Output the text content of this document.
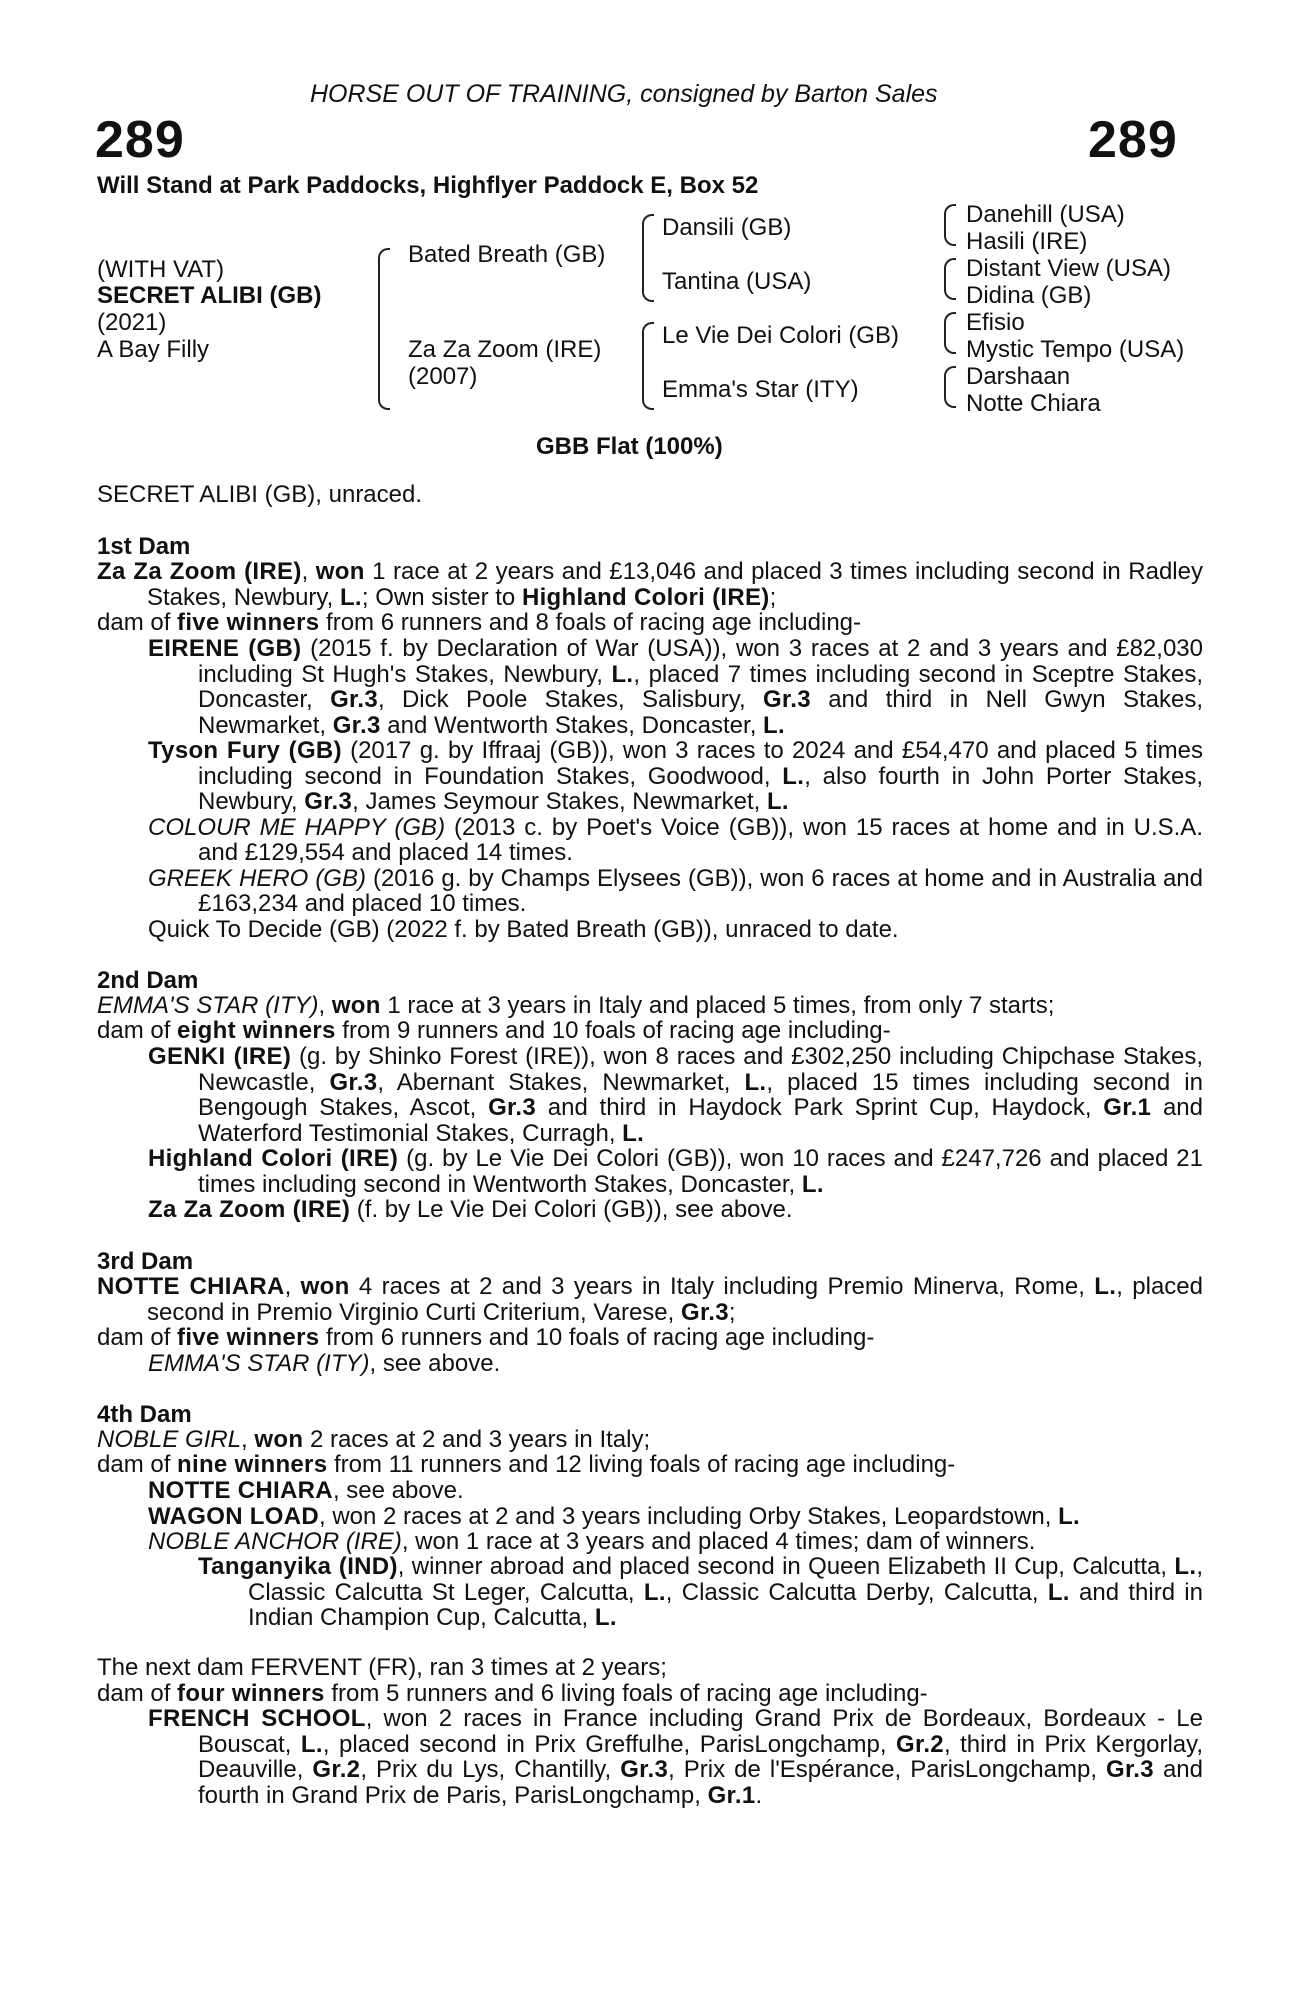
HORSE OUT OF TRAINING, consigned by Barton Sales
289	289
Will Stand at Park Paddocks, Highflyer Paddock E, Box 52
(WITH VAT)
SECRET ALIBI (GB)
(2021)
A Bay Filly
Bated Breath (GB)
Za Za Zoom (IRE)
(2007)
Dansili (GB)
Tantina (USA)
Le Vie Dei Colori (GB)
Emma's Star (ITY)
Danehill (USA)
Hasili (IRE)
Distant View (USA)
Didina (GB)
Efisio
Mystic Tempo (USA)
Darshaan
Notte Chiara
GBB Flat (100%)
SECRET ALIBI (GB), unraced.
1st Dam

Za Za Zoom (IRE), won 1 race at 2 years and £13,046 and placed 3 times including second in Radley Stakes, Newbury, L.; Own sister to Highland Colori (IRE);

dam of five winners from 6 runners and 8 foals of racing age including-

EIRENE (GB) (2015 f. by Declaration of War (USA)), won 3 races at 2 and 3 years and £82,030 including St Hugh's Stakes, Newbury, L., placed 7 times including second in Sceptre Stakes, Doncaster, Gr.3, Dick Poole Stakes, Salisbury, Gr.3 and third in Nell Gwyn Stakes, Newmarket, Gr.3 and Wentworth Stakes, Doncaster, L.

Tyson Fury (GB) (2017 g. by Iffraaj (GB)), won 3 races to 2024 and £54,470 and placed 5 times including second in Foundation Stakes, Goodwood, L., also fourth in John Porter Stakes, Newbury, Gr.3, James Seymour Stakes, Newmarket, L.

COLOUR ME HAPPY (GB) (2013 c. by Poet's Voice (GB)), won 15 races at home and in U.S.A. and £129,554 and placed 14 times.

GREEK HERO (GB) (2016 g. by Champs Elysees (GB)), won 6 races at home and in Australia and £163,234 and placed 10 times.

Quick To Decide (GB) (2022 f. by Bated Breath (GB)), unraced to date.

2nd Dam

EMMA'S STAR (ITY), won 1 race at 3 years in Italy and placed 5 times, from only 7 starts;

dam of eight winners from 9 runners and 10 foals of racing age including-

GENKI (IRE) (g. by Shinko Forest (IRE)), won 8 races and £302,250 including Chipchase Stakes, Newcastle, Gr.3, Abernant Stakes, Newmarket, L., placed 15 times including second in Bengough Stakes, Ascot, Gr.3 and third in Haydock Park Sprint Cup, Haydock, Gr.1 and Waterford Testimonial Stakes, Curragh, L.

Highland Colori (IRE) (g. by Le Vie Dei Colori (GB)), won 10 races and £247,726 and placed 21 times including second in Wentworth Stakes, Doncaster, L.

Za Za Zoom (IRE) (f. by Le Vie Dei Colori (GB)), see above.

3rd Dam

NOTTE CHIARA, won 4 races at 2 and 3 years in Italy including Premio Minerva, Rome, L., placed second in Premio Virginio Curti Criterium, Varese, Gr.3;

dam of five winners from 6 runners and 10 foals of racing age including-

EMMA'S STAR (ITY), see above.

4th Dam

NOBLE GIRL, won 2 races at 2 and 3 years in Italy;

dam of nine winners from 11 runners and 12 living foals of racing age including-

NOTTE CHIARA, see above.

WAGON LOAD, won 2 races at 2 and 3 years including Orby Stakes, Leopardstown, L.

NOBLE ANCHOR (IRE), won 1 race at 3 years and placed 4 times; dam of winners.

Tanganyika (IND), winner abroad and placed second in Queen Elizabeth II Cup, Calcutta, L., Classic Calcutta St Leger, Calcutta, L., Classic Calcutta Derby, Calcutta, L. and third in Indian Champion Cup, Calcutta, L.

The next dam FERVENT (FR), ran 3 times at 2 years;

dam of four winners from 5 runners and 6 living foals of racing age including-

FRENCH SCHOOL, won 2 races in France including Grand Prix de Bordeaux, Bordeaux - Le Bouscat, L., placed second in Prix Greffulhe, ParisLongchamp, Gr.2, third in Prix Kergorlay, Deauville, Gr.2, Prix du Lys, Chantilly, Gr.3, Prix de l'Espérance, ParisLongchamp, Gr.3 and fourth in Grand Prix de Paris, ParisLongchamp, Gr.1.
